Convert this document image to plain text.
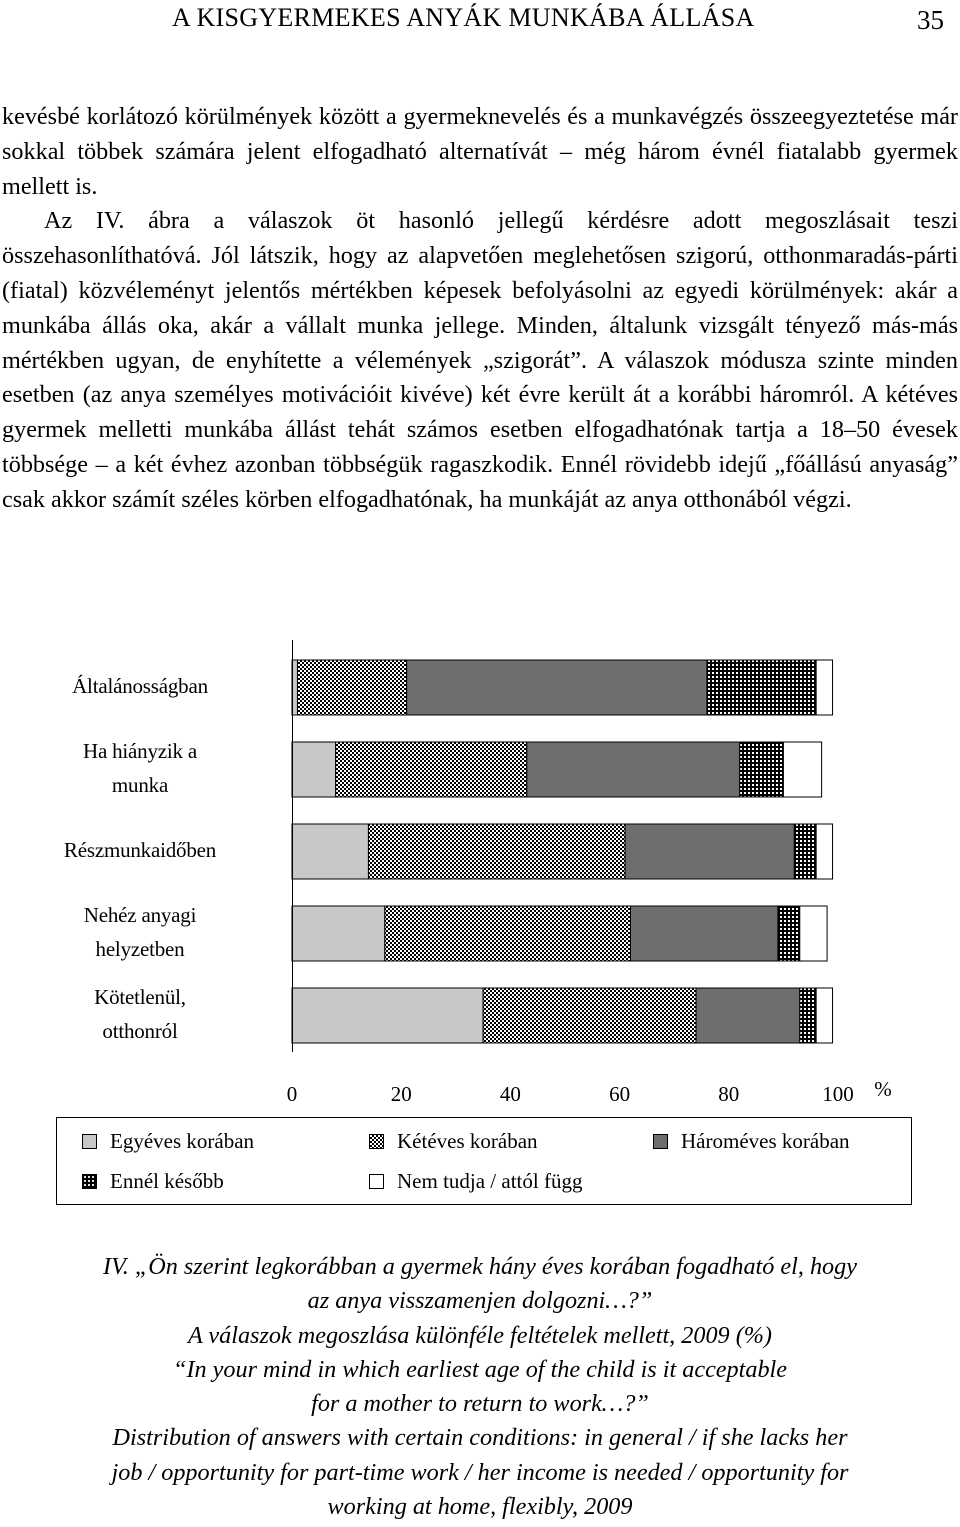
A KISGYERMEKES ANYÁK MUNKÁBA ÁLLÁSA	35

kevésbé korlátozó körülmények között a gyermeknevelés és a munkavégzés összeegyeztetése már sokkal többek számára jelent elfogadható alternatívát – még három évnél fiatalabb gyermek mellett is.

Az IV. ábra a válaszok öt hasonló jellegű kérdésre adott megoszlásait teszi összehasonlíthatóvá. Jól látszik, hogy az alapvetően meglehetősen szigorú, otthonmaradás-párti (fiatal) közvéleményt jelentős mértékben képesek befolyásolni az egyedi körülmények: akár a munkába állás oka, akár a vállalt munka jellege. Minden, általunk vizsgált tényező más-más mértékben ugyan, de enyhítette a vélemények „szigorát”. A válaszok módusza szinte minden esetben (az anya személyes motivációit kivéve) két évre került át a korábbi háromról. A kétéves gyermek melletti munkába állást tehát számos esetben elfogadhatónak tartja a 18–50 évesek többsége – a két évhez azonban többségük ragaszkodik. Ennél rövidebb idejű „főállású anyaság” csak akkor számít széles körben elfogadhatónak, ha munkáját az anya otthonából végzi.

0	20	40	60	80	100 %
Általánosságban
Ha hiányzik a
munka
Részmunkaidőben
Nehéz anyagi
helyzetben
Kötetlenül,
otthonról
Egyéves korában	Kétéves korában	Hároméves korában
Ennél később	Nem tudja / attól függ
IV. „Ön szerint legkorábban a gyermek hány éves korában fogadható el, hogy
az anya visszamenjen dolgozni…?”
A válaszok megoszlása különféle feltételek mellett, 2009 (%)
“In your mind in which earliest age of the child is it acceptable
for a mother to return to work…?”
Distribution of answers with certain conditions: in general / if she lacks her
job / opportunity for part-time work / her income is needed / opportunity for
working at home, flexibly, 2009
